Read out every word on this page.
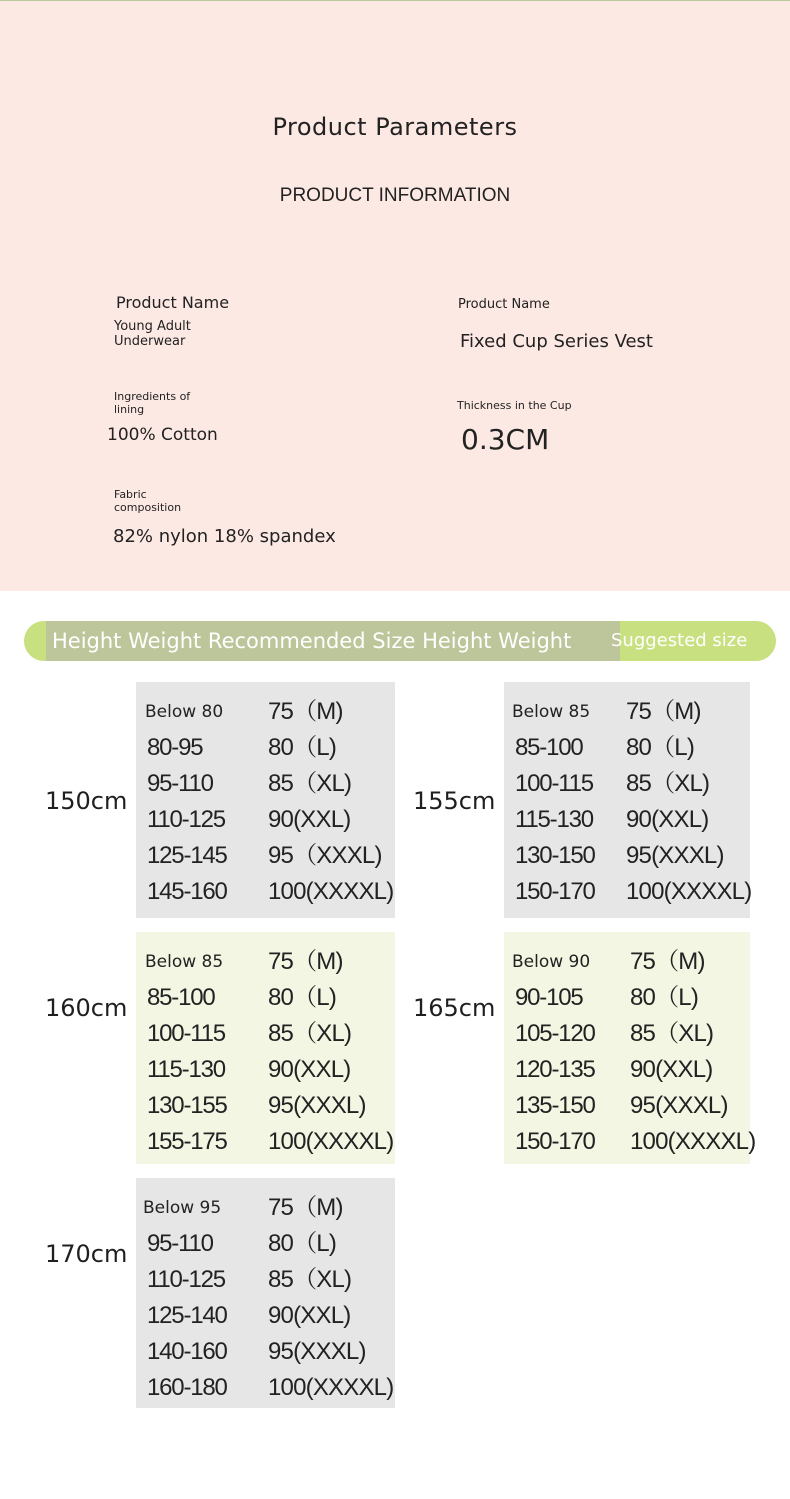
Product Parameters
PRODUCT INFORMATION
Product Name
Young Adult Underwear
Product Name
Fixed Cup Series Vest
Ingredients of lining
100% Cotton
Thickness in the Cup
0.3CM
Fabric composition
82% nylon 18% spandex
Height Weight Recommended Size Height Weight Suggested size
150cm
Below 80 75（M)
80-95	80（L)
95-110 85（XL)
110-125 90(XXL)
125-145 95（XXXL)
145-160 100(XXXXL)
155cm
Below 85 75（M)
85-100 80（L)
100-115 85（XL)
115-130 90(XXL)
130-150 95(XXXL)
150-170 100(XXXXL)
160cm
Below 85 75（M)
85-100 80（L)
100-115 85（XL)
115-130 90(XXL)
130-155 95(XXXL)
155-175 100(XXXXL)
165cm
Below 90 75（M)
90-105 80（L)
105-120 85（XL)
120-135 90(XXL)
135-150 95(XXXL)
150-170 100(XXXXL)
170cm
Below 95 75（M)
95-110 80（L)
110-125 85（XL)
125-140 90(XXL)
140-160 95(XXXL)
160-180 100(XXXXL)
